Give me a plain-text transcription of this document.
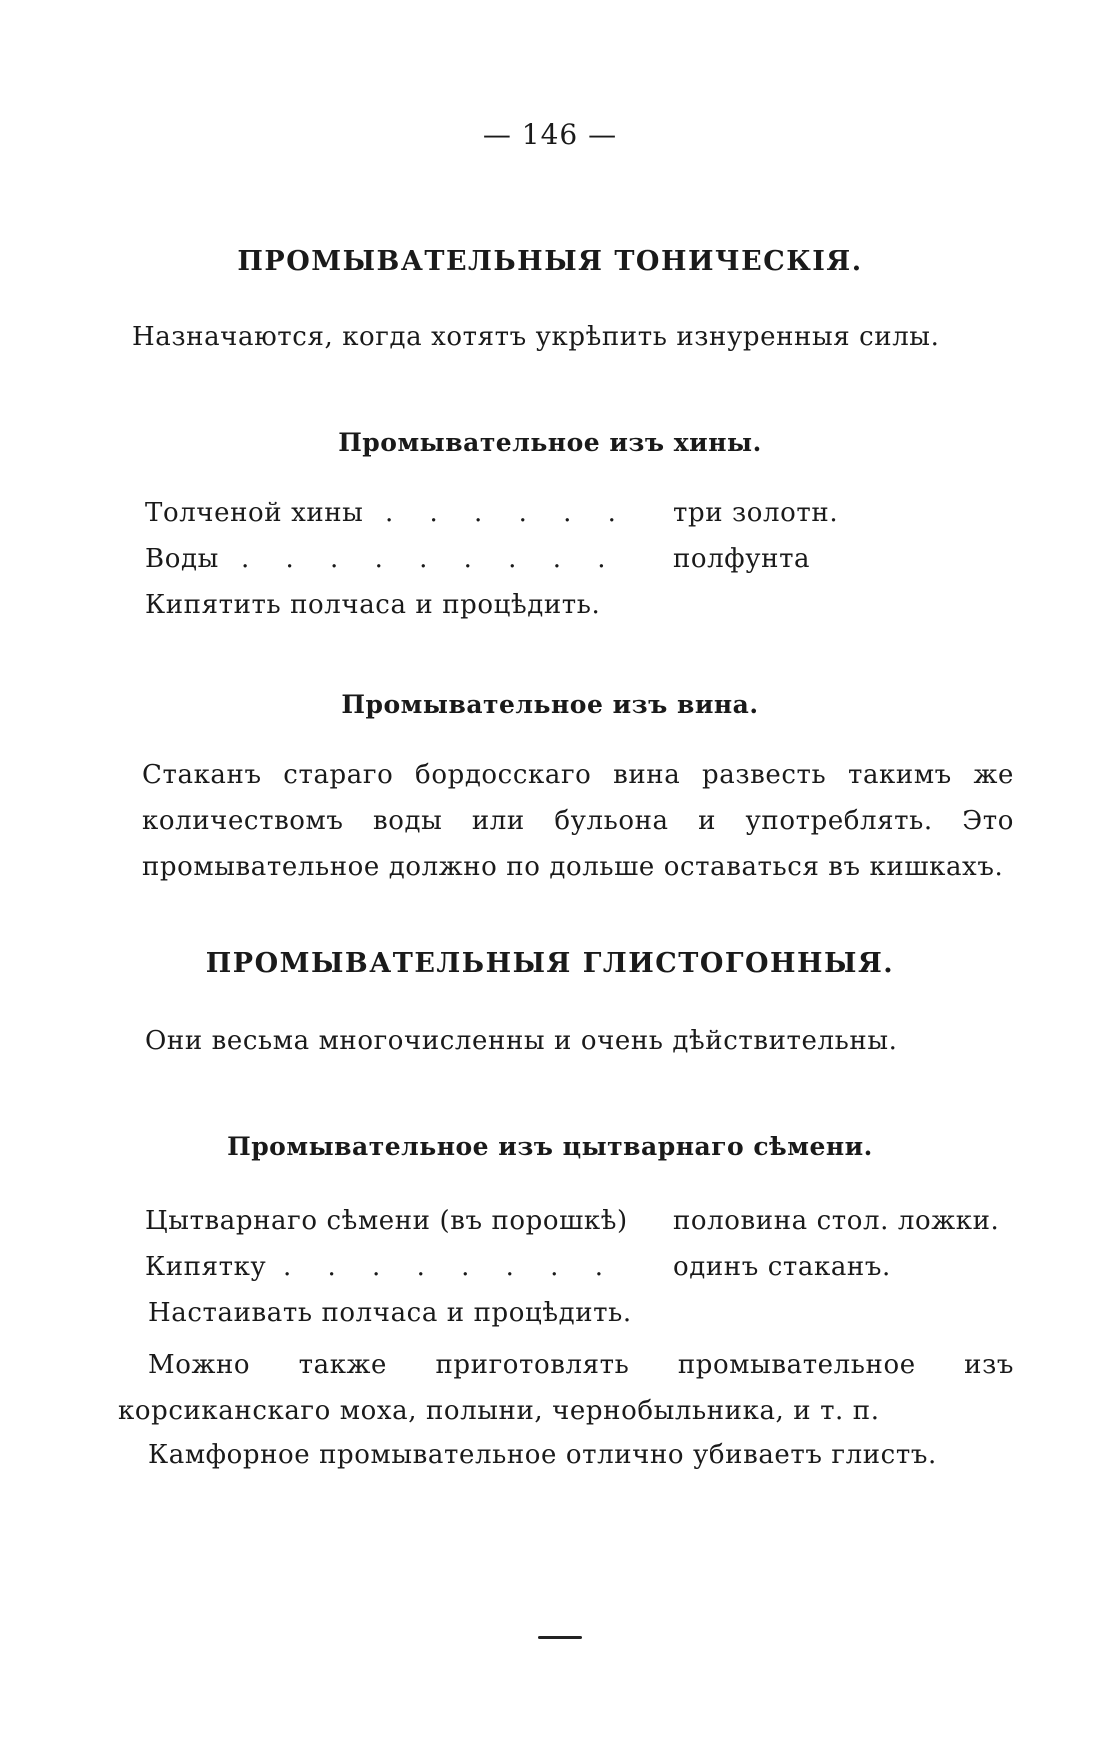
— 146 —
ПРОМЫВАТЕЛЬНЫЯ ТОНИЧЕСКІЯ.
Назначаются, когда хотятъ укрѣпить изнуренныя силы.
Промывательное изъ хины.
Толченой хины . . . . . . три золотн.
Воды . . . . . . . . . полфунта
Кипятить полчаса и процѣдить.
Промывательное изъ вина.
Стаканъ стараго бордосскаго вина развесть такимъ же количествомъ воды или бульона и употреблять. Это промывательное должно по дольше оставаться въ кишкахъ.
ПРОМЫВАТЕЛЬНЫЯ ГЛИСТОГОННЫЯ.
Они весьма многочисленны и очень дѣйствительны.
Промывательное изъ цытварнаго сѣмени.
Цытварнаго сѣмени (въ порошкѣ) половина стол. ложки.
Кипятку . . . . . . . . одинъ стаканъ.
Настаивать полчаса и процѣдить.
Можно также приготовлять промывательное изъ корсиканскаго моха, полыни, чернобыльника, и т. п.
Камфорное промывательное отлично убиваетъ глистъ.
